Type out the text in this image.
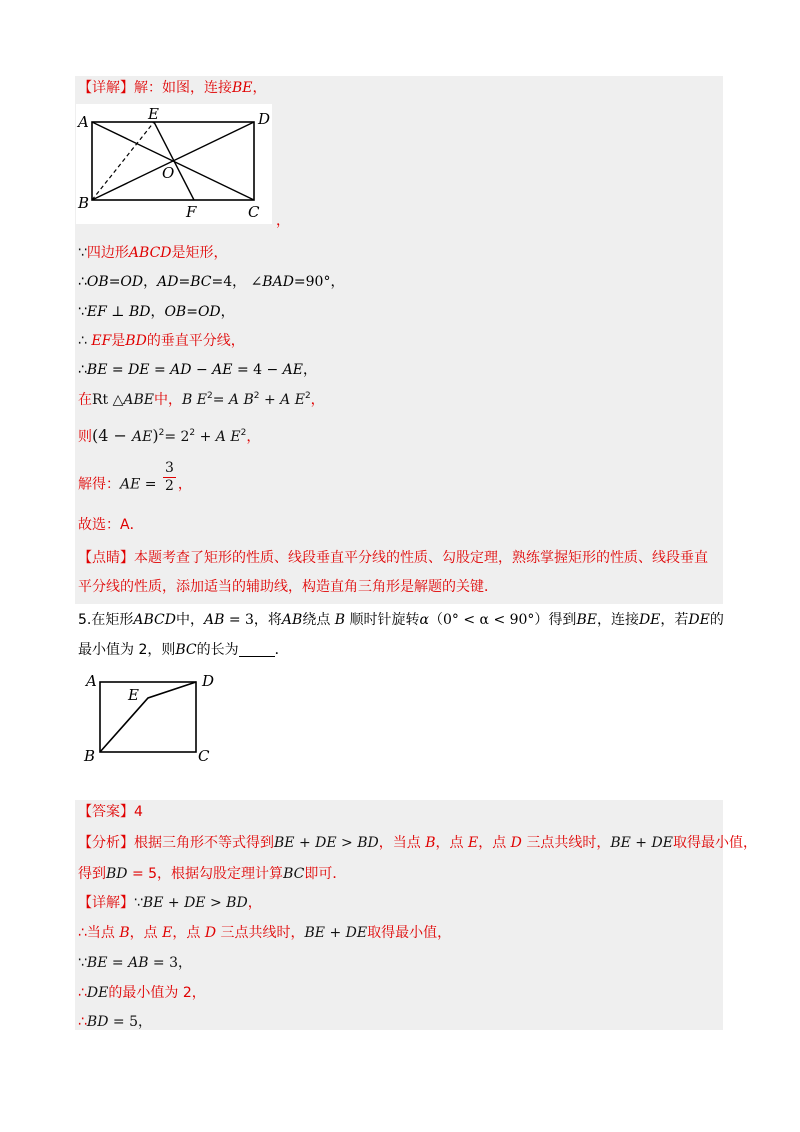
【详解】解：如图，连接BE，
A	E	D
O
B	F	C ，
∵四边形ABCD是矩形，
∴OB=OD，AD=BC=4， ∠BAD=90°，
∵EF ⊥ BD，OB=OD，
∴ EF是BD的垂直平分线，
∴BE = DE = AD − AE = 4 − AE，
在Rt △ABE中，B $E^2= A$ $B^2 + A$ $E^2$，
则$(4 - AE)^2= 2^2 + A$ $E^2$，
解得：AE = $\frac{3}{2}$ ，
故选：A．
【点睛】本题考查了矩形的性质、线段垂直平分线的性质、勾股定理，熟练掌握矩形的性质、线段垂直
平分线的性质，添加适当的辅助线，构造直角三角形是解题的关键．
5.在矩形ABCD中，AB = 3，将AB绕点 B 顺时针旋转α（0° < α < 90°）得到BE，连接DE，若DE的
最小值为 2，则BC的长为	．
A	D
E
B	C
【答案】4
【分析】根据三角形不等式得到BE + DE > BD，当点 B，点 E，点 D 三点共线时，BE + DE取得最小值，
得到BD = 5，根据勾股定理计算BC即可．
【详解】∵BE + DE > BD，
∴当点 B，点 E，点 D 三点共线时，BE + DE取得最小值，
∵BE = AB = 3，
∴DE的最小值为 2，
∴BD = 5，
